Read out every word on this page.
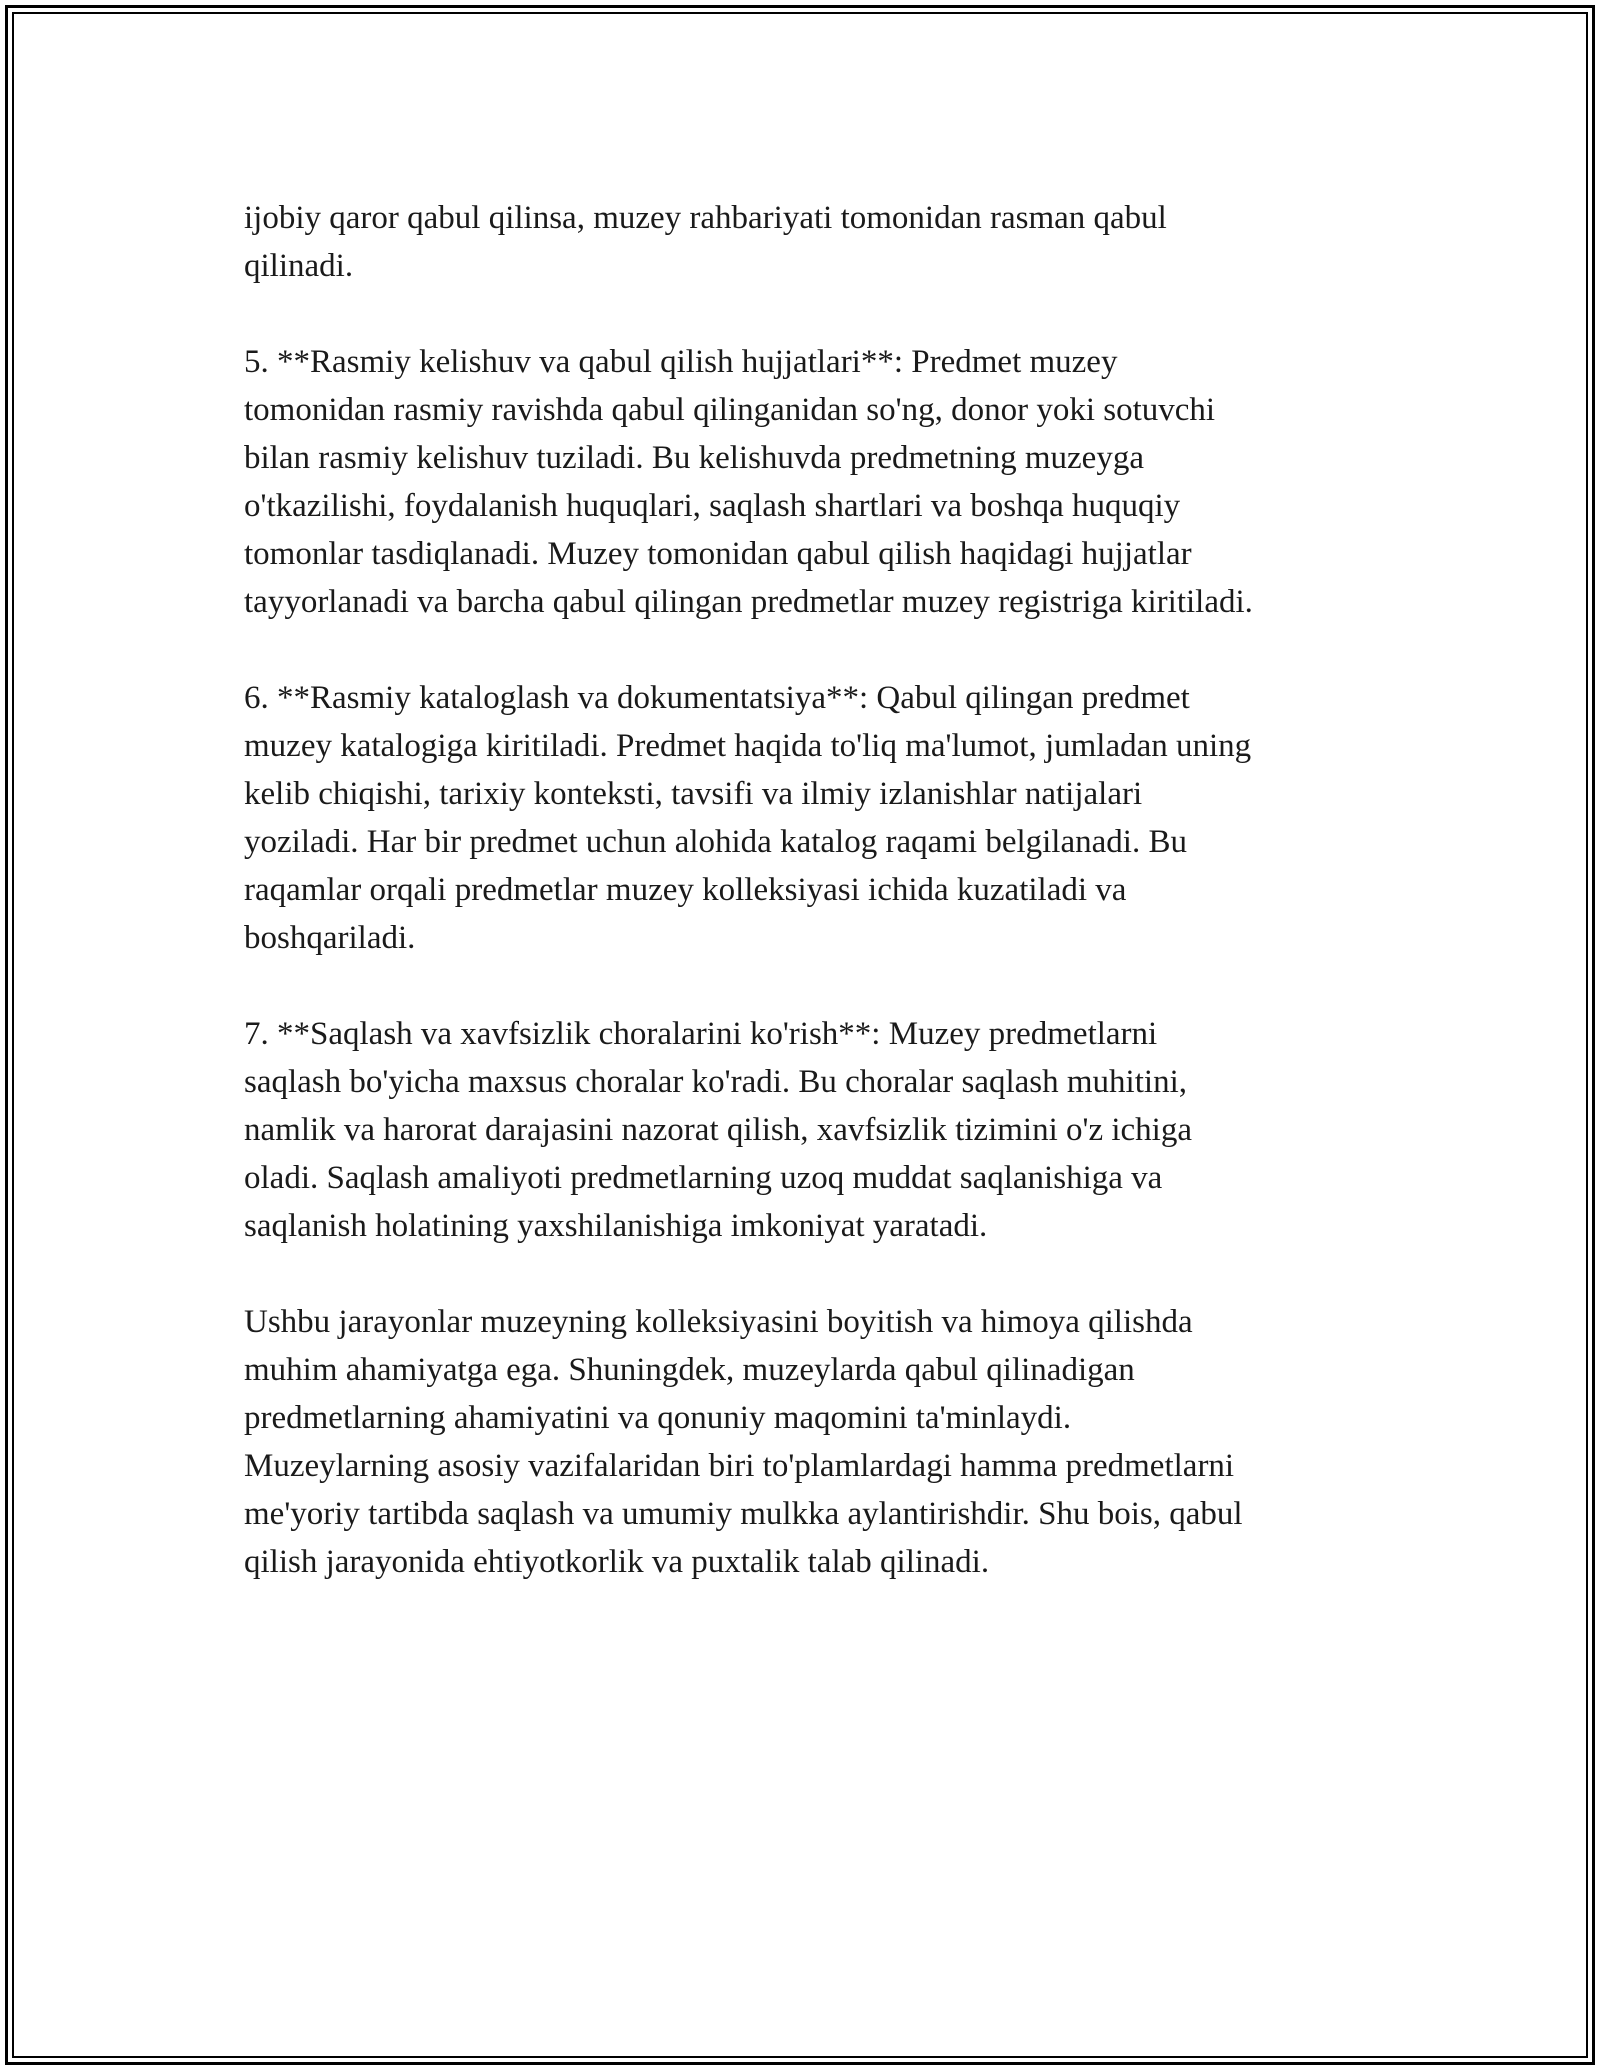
ijobiy qaror qabul qilinsa, muzey rahbariyati tomonidan rasman qabul
qilinadi.

5. **Rasmiy kelishuv va qabul qilish hujjatlari**: Predmet muzey
tomonidan rasmiy ravishda qabul qilinganidan so'ng, donor yoki sotuvchi
bilan rasmiy kelishuv tuziladi. Bu kelishuvda predmetning muzeyga
o'tkazilishi, foydalanish huquqlari, saqlash shartlari va boshqa huquqiy
tomonlar tasdiqlanadi. Muzey tomonidan qabul qilish haqidagi hujjatlar
tayyorlanadi va barcha qabul qilingan predmetlar muzey registriga kiritiladi.

6. **Rasmiy kataloglash va dokumentatsiya**: Qabul qilingan predmet
muzey katalogiga kiritiladi. Predmet haqida to'liq ma'lumot, jumladan uning
kelib chiqishi, tarixiy konteksti, tavsifi va ilmiy izlanishlar natijalari
yoziladi. Har bir predmet uchun alohida katalog raqami belgilanadi. Bu
raqamlar orqali predmetlar muzey kolleksiyasi ichida kuzatiladi va
boshqariladi.

7. **Saqlash va xavfsizlik choralarini ko'rish**: Muzey predmetlarni
saqlash bo'yicha maxsus choralar ko'radi. Bu choralar saqlash muhitini,
namlik va harorat darajasini nazorat qilish, xavfsizlik tizimini o'z ichiga
oladi. Saqlash amaliyoti predmetlarning uzoq muddat saqlanishiga va
saqlanish holatining yaxshilanishiga imkoniyat yaratadi.

Ushbu jarayonlar muzeyning kolleksiyasini boyitish va himoya qilishda
muhim ahamiyatga ega. Shuningdek, muzeylarda qabul qilinadigan
predmetlarning ahamiyatini va qonuniy maqomini ta'minlaydi.
Muzeylarning asosiy vazifalaridan biri to'plamlardagi hamma predmetlarni
me'yoriy tartibda saqlash va umumiy mulkka aylantirishdir. Shu bois, qabul
qilish jarayonida ehtiyotkorlik va puxtalik talab qilinadi.
